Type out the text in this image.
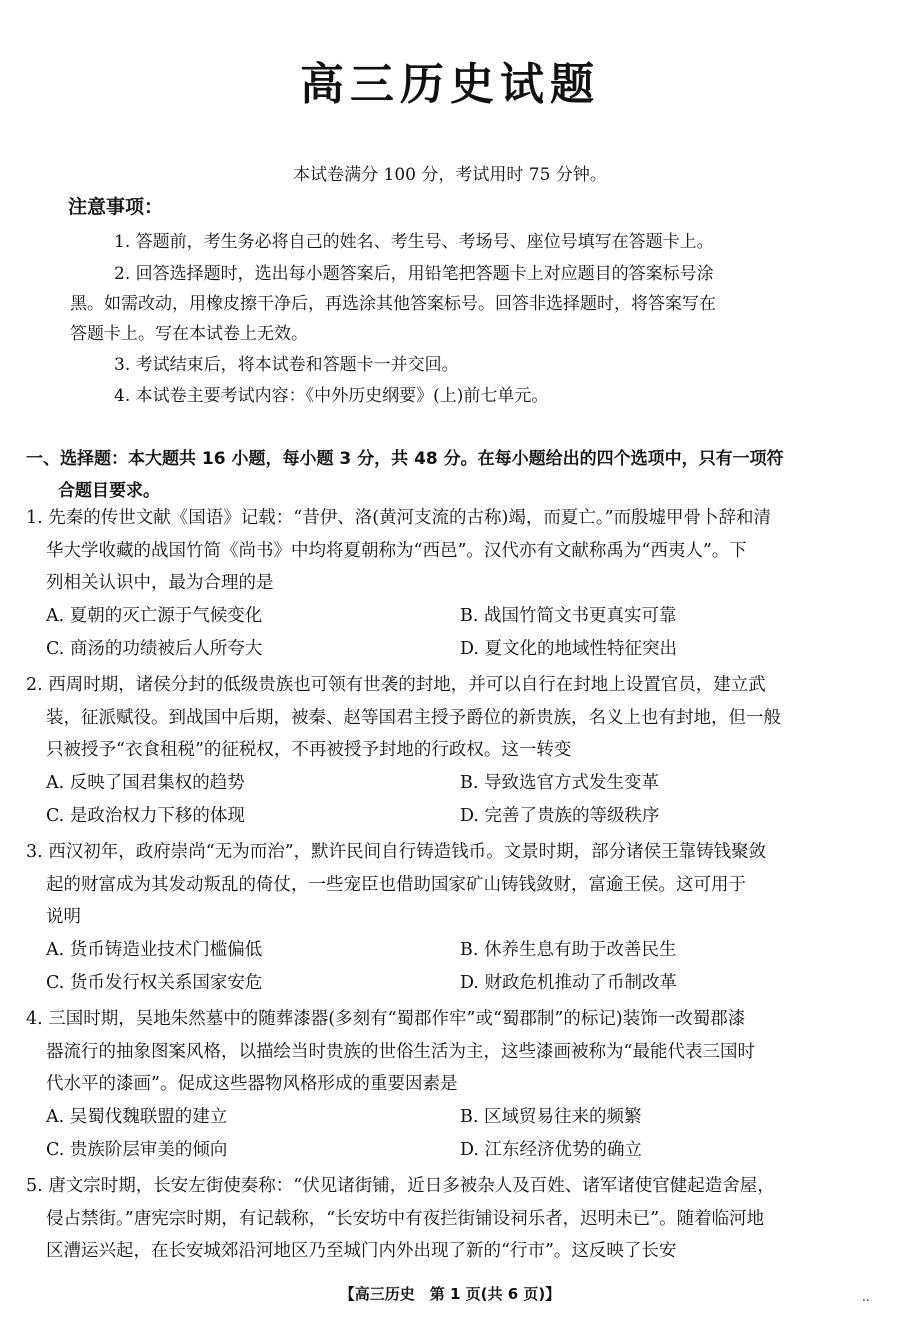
高三历史试题
本试卷满分 100 分，考试用时 75 分钟。
注意事项：
1. 答题前，考生务必将自己的姓名、考生号、考场号、座位号填写在答题卡上。
2. 回答选择题时，选出每小题答案后，用铅笔把答题卡上对应题目的答案标号涂
黑。如需改动，用橡皮擦干净后，再选涂其他答案标号。回答非选择题时，将答案写在
答题卡上。写在本试卷上无效。
3. 考试结束后，将本试卷和答题卡一并交回。
4. 本试卷主要考试内容：《中外历史纲要》(上)前七单元。
一、选择题：本大题共 16 小题，每小题 3 分，共 48 分。在每小题给出的四个选项中，只有一项符
合题目要求。
1. 先秦的传世文献《国语》记载：“昔伊、洛(黄河支流的古称)竭，而夏亡。”而殷墟甲骨卜辞和清
华大学收藏的战国竹简《尚书》中均将夏朝称为“西邑”。汉代亦有文献称禹为“西夷人”。下
列相关认识中，最为合理的是
A. 夏朝的灭亡源于气候变化	B. 战国竹简文书更真实可靠
C. 商汤的功绩被后人所夸大	D. 夏文化的地域性特征突出
2. 西周时期，诸侯分封的低级贵族也可领有世袭的封地，并可以自行在封地上设置官员，建立武
装，征派赋役。到战国中后期，被秦、赵等国君主授予爵位的新贵族，名义上也有封地，但一般
只被授予“衣食租税”的征税权，不再被授予封地的行政权。这一转变
A. 反映了国君集权的趋势	B. 导致选官方式发生变革
C. 是政治权力下移的体现	D. 完善了贵族的等级秩序
3. 西汉初年，政府崇尚“无为而治”，默许民间自行铸造钱币。文景时期，部分诸侯王靠铸钱聚敛
起的财富成为其发动叛乱的倚仗，一些宠臣也借助国家矿山铸钱敛财，富逾王侯。这可用于
说明
A. 货币铸造业技术门槛偏低	B. 休养生息有助于改善民生
C. 货币发行权关系国家安危	D. 财政危机推动了币制改革
4. 三国时期，吴地朱然墓中的随葬漆器(多刻有“蜀郡作牢”或“蜀郡制”的标记)装饰一改蜀郡漆
器流行的抽象图案风格，以描绘当时贵族的世俗生活为主，这些漆画被称为“最能代表三国时
代水平的漆画”。促成这些器物风格形成的重要因素是
A. 吴蜀伐魏联盟的建立	B. 区域贸易往来的频繁
C. 贵族阶层审美的倾向	D. 江东经济优势的确立
5. 唐文宗时期，长安左街使奏称：“伏见诸街铺，近日多被杂人及百姓、诸军诸使官健起造舍屋，
侵占禁街。”唐宪宗时期，有记载称，“长安坊中有夜拦街铺设祠乐者，迟明未已”。随着临河地
区漕运兴起，在长安城郊沿河地区乃至城门内外出现了新的“行市”。这反映了长安
【高三历史　第 1 页(共 6 页)】	..
